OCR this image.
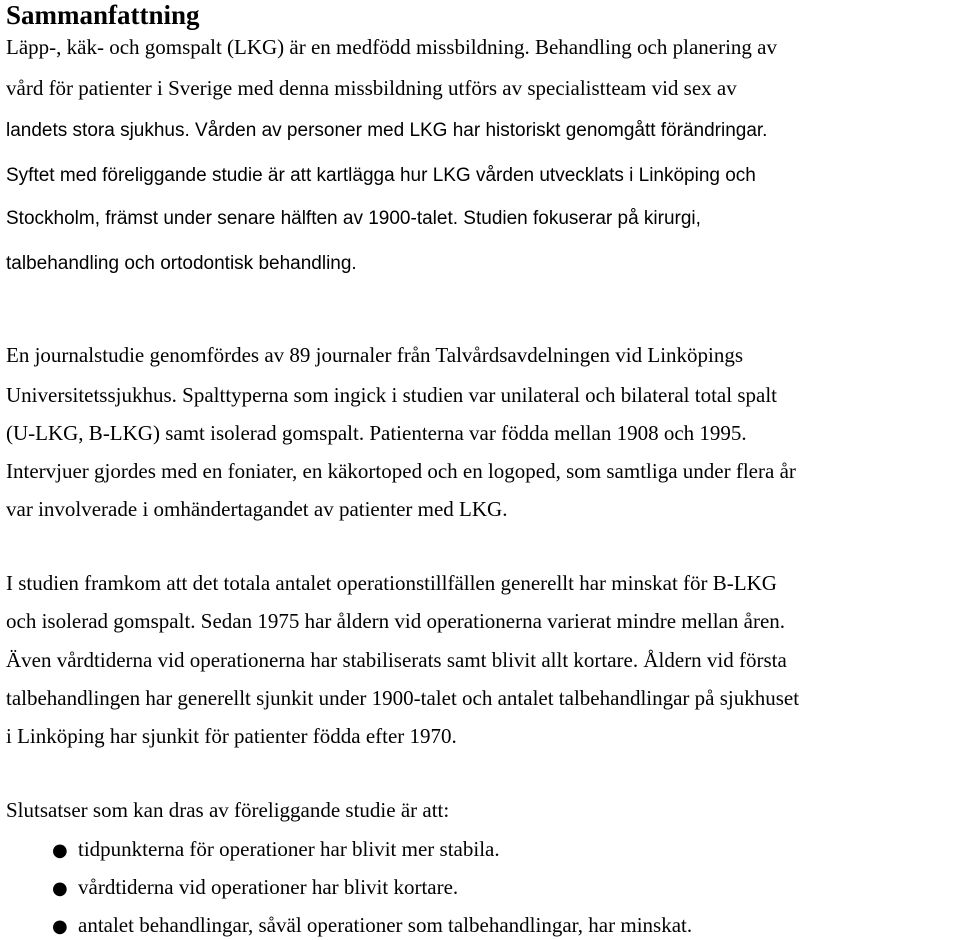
Sammanfattning

Läpp-, käk- och gomspalt (LKG) är en medfödd missbildning. Behandling och planering av

vård för patienter i Sverige med denna missbildning utförs av specialistteam vid sex av

landets stora sjukhus. Vården av personer med LKG har historiskt genomgått förändringar.

Syftet med föreliggande studie är att kartlägga hur LKG vården utvecklats i Linköping och

Stockholm, främst under senare hälften av 1900-talet. Studien fokuserar på kirurgi,

talbehandling och ortodontisk behandling.

En journalstudie genomfördes av 89 journaler från Talvårdsavdelningen vid Linköpings

Universitetssjukhus. Spalttyperna som ingick i studien var unilateral och bilateral total spalt

(U-LKG, B-LKG) samt isolerad gomspalt. Patienterna var födda mellan 1908 och 1995.

Intervjuer gjordes med en foniater, en käkortoped och en logoped, som samtliga under flera år

var involverade i omhändertagandet av patienter med LKG.

I studien framkom att det totala antalet operationstillfällen generellt har minskat för B-LKG

och isolerad gomspalt. Sedan 1975 har åldern vid operationerna varierat mindre mellan åren.

Även vårdtiderna vid operationerna har stabiliserats samt blivit allt kortare. Åldern vid första

talbehandlingen har generellt sjunkit under 1900-talet och antalet talbehandlingar på sjukhuset

i Linköping har sjunkit för patienter födda efter 1970.

Slutsatser som kan dras av föreliggande studie är att:

● tidpunkterna för operationer har blivit mer stabila.

● vårdtiderna vid operationer har blivit kortare.

● antalet behandlingar, såväl operationer som talbehandlingar, har minskat.
